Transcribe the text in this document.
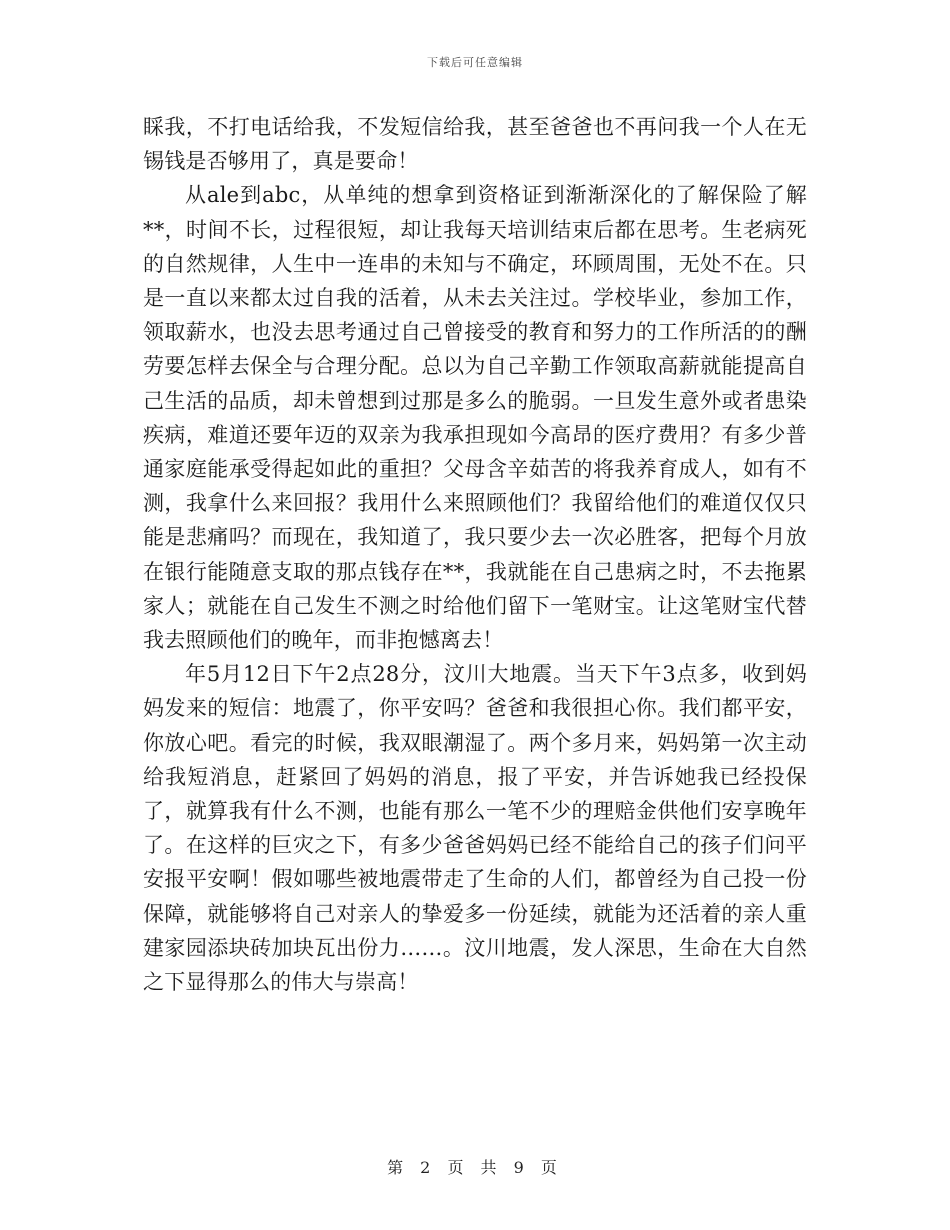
下载后可任意编辑

睬我，不打电话给我，不发短信给我，甚至爸爸也不再问我一个人在无锡钱是否够用了，真是要命！

从ale到abc，从单纯的想拿到资格证到渐渐深化的了解保险了解**，时间不长，过程很短，却让我每天培训结束后都在思考。生老病死的自然规律，人生中一连串的未知与不确定，环顾周围，无处不在。只是一直以来都太过自我的活着，从未去关注过。学校毕业，参加工作，领取薪水，也没去思考通过自己曾接受的教育和努力的工作所活的的酬劳要怎样去保全与合理分配。总以为自己辛勤工作领取高薪就能提高自己生活的品质，却未曾想到过那是多么的脆弱。一旦发生意外或者患染疾病，难道还要年迈的双亲为我承担现如今高昂的医疗费用？有多少普通家庭能承受得起如此的重担？父母含辛茹苦的将我养育成人，如有不测，我拿什么来回报？我用什么来照顾他们？我留给他们的难道仅仅只能是悲痛吗？而现在，我知道了，我只要少去一次必胜客，把每个月放在银行能随意支取的那点钱存在**，我就能在自己患病之时，不去拖累家人；就能在自己发生不测之时给他们留下一笔财宝。让这笔财宝代替我去照顾他们的晚年，而非抱憾离去！

年5月12日下午2点28分，汶川大地震。当天下午3点多，收到妈妈发来的短信：地震了，你平安吗？爸爸和我很担心你。我们都平安，你放心吧。看完的时候，我双眼潮湿了。两个多月来，妈妈第一次主动给我短消息，赶紧回了妈妈的消息，报了平安，并告诉她我已经投保了，就算我有什么不测，也能有那么一笔不少的理赔金供他们安享晚年了。在这样的巨灾之下，有多少爸爸妈妈已经不能给自己的孩子们问平安报平安啊！假如哪些被地震带走了生命的人们，都曾经为自己投一份保障，就能够将自己对亲人的挚爱多一份延续，就能为还活着的亲人重建家园添块砖加块瓦出份力……。汶川地震，发人深思，生命在大自然之下显得那么的伟大与崇高！

第 2 页 共 9 页
